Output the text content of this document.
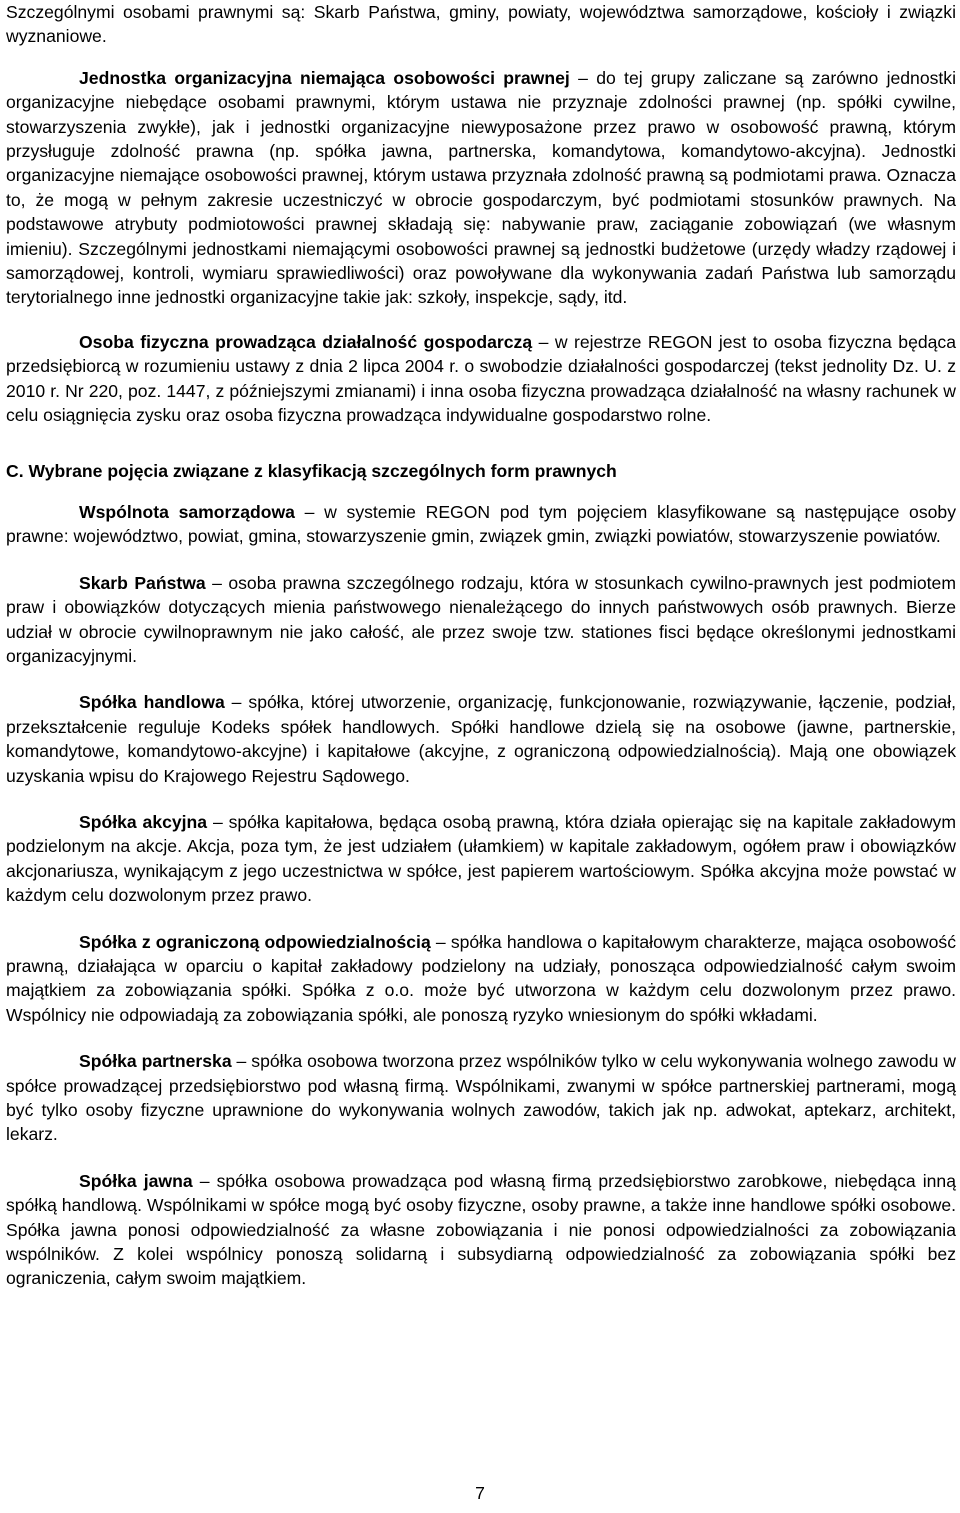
Szczególnymi osobami prawnymi są: Skarb Państwa, gminy, powiaty, województwa samorządowe, kościoły i związki wyznaniowe.

Jednostka organizacyjna niemająca osobowości prawnej – do tej grupy zaliczane są zarówno jednostki organizacyjne niebędące osobami prawnymi, którym ustawa nie przyznaje zdolności prawnej (np. spółki cywilne, stowarzyszenia zwykłe), jak i jednostki organizacyjne niewyposażone przez prawo w osobowość prawną, którym przysługuje zdolność prawna (np. spółka jawna, partnerska, komandytowa, komandytowo-akcyjna). Jednostki organizacyjne niemające osobowości prawnej, którym ustawa przyznała zdolność prawną są podmiotami prawa. Oznacza to, że mogą w pełnym zakresie uczestniczyć w obrocie gospodarczym, być podmiotami stosunków prawnych. Na podstawowe atrybuty podmiotowości prawnej składają się: nabywanie praw, zaciąganie zobowiązań (we własnym imieniu). Szczególnymi jednostkami niemającymi osobowości prawnej są jednostki budżetowe (urzędy władzy rządowej i samorządowej, kontroli, wymiaru sprawiedliwości) oraz powoływane dla wykonywania zadań Państwa lub samorządu terytorialnego inne jednostki organizacyjne takie jak: szkoły, inspekcje, sądy, itd.

Osoba fizyczna prowadząca działalność gospodarczą – w rejestrze REGON jest to osoba fizyczna będąca przedsiębiorcą w rozumieniu ustawy z dnia 2 lipca 2004 r. o swobodzie działalności gospodarczej (tekst jednolity Dz. U. z 2010 r. Nr 220, poz. 1447, z późniejszymi zmianami) i inna osoba fizyczna prowadząca działalność na własny rachunek w celu osiągnięcia zysku oraz osoba fizyczna prowadząca indywidualne gospodarstwo rolne.

C. Wybrane pojęcia związane z klasyfikacją szczególnych form prawnych

Wspólnota samorządowa – w systemie REGON pod tym pojęciem klasyfikowane są następujące osoby prawne: województwo, powiat, gmina, stowarzyszenie gmin, związek gmin, związki powiatów, stowarzyszenie powiatów.

Skarb Państwa – osoba prawna szczególnego rodzaju, która w stosunkach cywilno-prawnych jest podmiotem praw i obowiązków dotyczących mienia państwowego nienależącego do innych państwowych osób prawnych. Bierze udział w obrocie cywilnoprawnym nie jako całość, ale przez swoje tzw. stationes fisci będące określonymi jednostkami organizacyjnymi.

Spółka handlowa – spółka, której utworzenie, organizację, funkcjonowanie, rozwiązywanie, łączenie, podział, przekształcenie reguluje Kodeks spółek handlowych. Spółki handlowe dzielą się na osobowe (jawne, partnerskie, komandytowe, komandytowo-akcyjne) i kapitałowe (akcyjne, z ograniczoną odpowiedzialnością). Mają one obowiązek uzyskania wpisu do Krajowego Rejestru Sądowego.

Spółka akcyjna – spółka kapitałowa, będąca osobą prawną, która działa opierając się na kapitale zakładowym podzielonym na akcje. Akcja, poza tym, że jest udziałem (ułamkiem) w kapitale zakładowym, ogółem praw i obowiązków akcjonariusza, wynikającym z jego uczestnictwa w spółce, jest papierem wartościowym. Spółka akcyjna może powstać w każdym celu dozwolonym przez prawo.

Spółka z ograniczoną odpowiedzialnością – spółka handlowa o kapitałowym charakterze, mająca osobowość prawną, działająca w oparciu o kapitał zakładowy podzielony na udziały, ponosząca odpowiedzialność całym swoim majątkiem za zobowiązania spółki. Spółka z o.o. może być utworzona w każdym celu dozwolonym przez prawo. Wspólnicy nie odpowiadają za zobowiązania spółki, ale ponoszą ryzyko wniesionym do spółki wkładami.

Spółka partnerska – spółka osobowa tworzona przez wspólników tylko w celu wykonywania wolnego zawodu w spółce prowadzącej przedsiębiorstwo pod własną firmą. Wspólnikami, zwanymi w spółce partnerskiej partnerami, mogą być tylko osoby fizyczne uprawnione do wykonywania wolnych zawodów, takich jak np. adwokat, aptekarz, architekt, lekarz.

Spółka jawna – spółka osobowa prowadząca pod własną firmą przedsiębiorstwo zarobkowe, niebędąca inną spółką handlową. Wspólnikami w spółce mogą być osoby fizyczne, osoby prawne, a także inne handlowe spółki osobowe. Spółka jawna ponosi odpowiedzialność za własne zobowiązania i nie ponosi odpowiedzialności za zobowiązania wspólników. Z kolei wspólnicy ponoszą solidarną i subsydiarną odpowiedzialność za zobowiązania spółki bez ograniczenia, całym swoim majątkiem.

7
